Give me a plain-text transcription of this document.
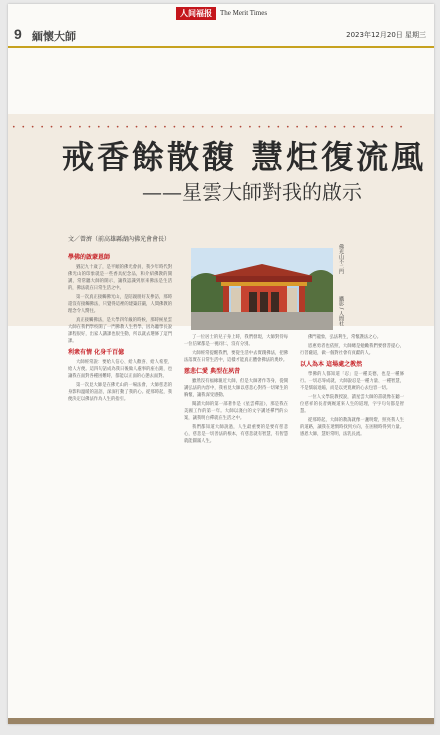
人间福报	The Merit Times
9 緬懷大師	2023年12月20日 星期三
• • • • • • • • • • • • • • • • • • • • • • • • • • • • • • • • • • • • • • • • • •
戒香餘散馥 慧炬復流風
——星雲大師對我的啟示
文／曾濟（前高雄縣湖內佛光會會長）
學佛的啟蒙恩師

猶記九十歲了，是平順的佛光會員，我少年時代對佛光山的印象就是一些香具紀念品，和介紹佛教的開講，常常聽大師的開示，讓我認識到原來佛法是生活的，佛法就在日常生活之中。

第一次真正接觸佛光山，是陪親朋好友參訪，那時還沒有接觸佛法，只覺得這裡的建築莊嚴，人間佛教的理念令人嚮往。

真正接觸佛法，是大學四年級的時候，那時候星雲大師在我們學校開了一門佛教人生哲學，因為聽學長說課程很好，出家人講課也很生動，所以就去選修了這門課。

利衆有情 化身千百億

大師經常說：要給人信心、給人歡喜、給人希望、給人方便。這四句話成為我日後做人處事的座右銘，也讓我在面對各種困難時，都能以正面的心態去面對。

第一次見大師是在佛光山的一場法會，大師慈悲的身影和溫暖的話語，深深打動了我的心。從那時起，我便決定以佛法作為人生的指引。

佛光山不二門
攝影 / 人間社

了一位居士的兒子身上時，我們發現，大師對待每一位信眾都是一視同仁，沒有分別。

大師經常提醒我們，要從生活中去實踐佛法，把佛法落實在日常生活中，這樣才能真正體會佛法的奧妙。

慈悲仁愛 典型在夙昔

雖然沒有福緣親近大師，但是大師著作等身，從開講弘法的內容中，我看見大師以慈悲心對待一切眾生的胸懷，讓我深受感動。

閱讀大師的第一部著作是《星雲禪話》，那是我在美國工作的第一年。大師以淺白的文字講述禪門的公案，讓我明白禪就在生活之中。

我們都知道大師說過，人生最重要的是要有慈悲心，慈悲是一切善法的根本，有慈悲就有智慧，有智慧就能圓滿人生。

佛門龍象，弘法利生，常懷護法之心。

恩惠勇者也依照，大師總是勉勵我們要發菩提心，行菩薩道，做一個對社會有貢獻的人。

以人為本 這場處之教然

學佛的人都知道「忍」是一種美德，也是一種修行。一切忍辱成就，大師說忍是一種力量、一種智慧，不是懦弱退縮，而是以更寬廣的心去包容一切。

一位人文學院教授說，讀星雲大師的書就像在聽一位慈祥的長者娓娓道來人生的道理，字字句句都是智慧。

從那時起，大師的教誨就像一盞明燈，照亮我人生的道路，讓我在迷惘時找到方向，在困頓時得到力量。感恩大師，慧炬常明，法乳長流。
